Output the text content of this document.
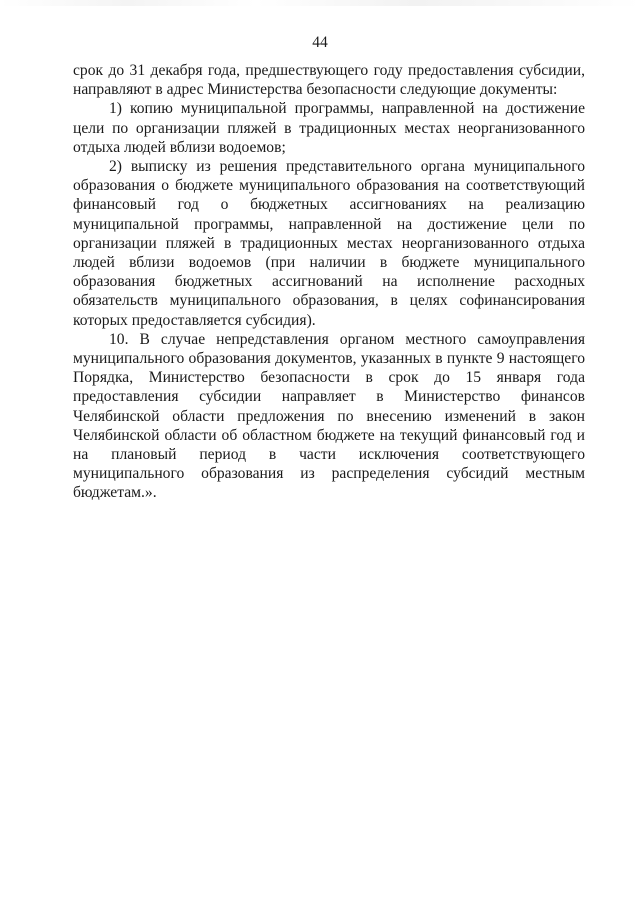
44

срок до 31 декабря года, предшествующего году предоставления субсидии, направляют в адрес Министерства безопасности следующие документы:

1) копию муниципальной программы, направленной на достижение цели по организации пляжей в традиционных местах неорганизованного отдыха людей вблизи водоемов;

2) выписку из решения представительного органа муниципального образования о бюджете муниципального образования на соответствующий финансовый год о бюджетных ассигнованиях на реализацию муниципальной программы, направленной на достижение цели по организации пляжей в традиционных местах неорганизованного отдыха людей вблизи водоемов (при наличии в бюджете муниципального образования бюджетных ассигнований на исполнение расходных обязательств муниципального образования, в целях софинансирования которых предоставляется субсидия).

10. В случае непредставления органом местного самоуправления муниципального образования документов, указанных в пункте 9 настоящего Порядка, Министерство безопасности в срок до 15 января года предоставления субсидии направляет в Министерство финансов Челябинской области предложения по внесению изменений в закон Челябинской области об областном бюджете на текущий финансовый год и на плановый период в части исключения соответствующего муниципального образования из распределения субсидий местным бюджетам.».
